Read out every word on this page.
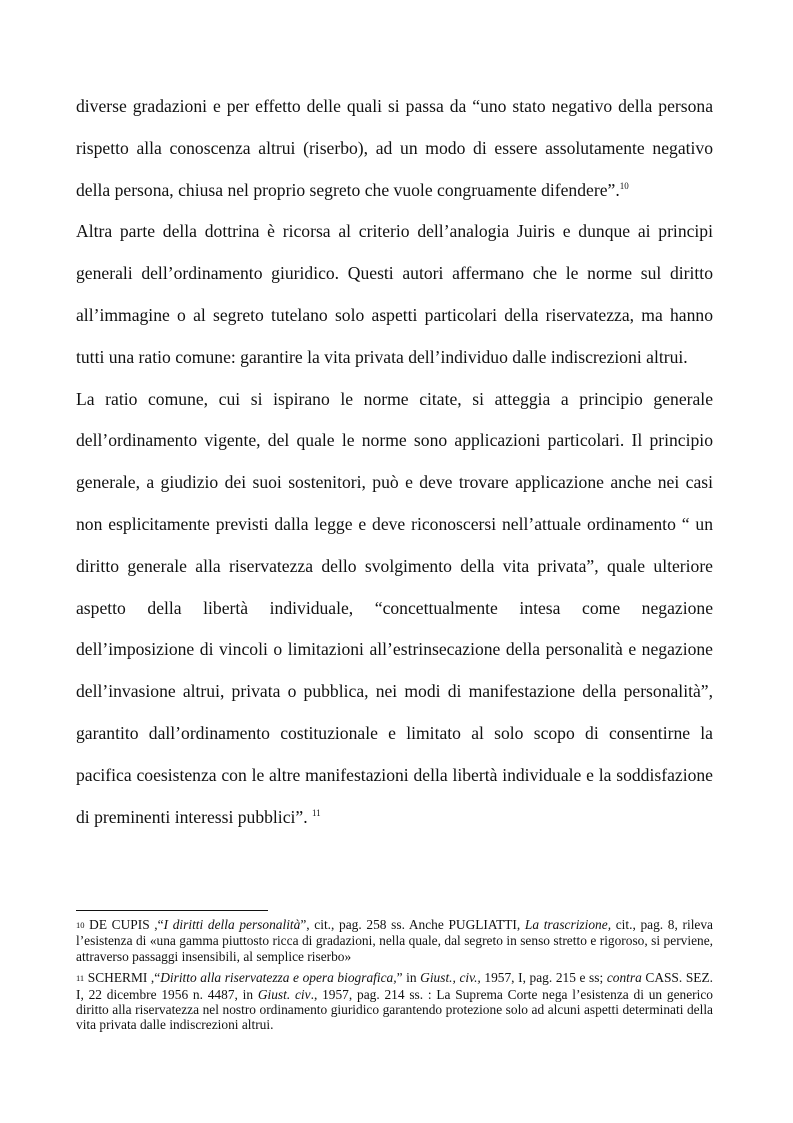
diverse gradazioni e per effetto delle quali si passa da “uno stato negativo della persona rispetto alla conoscenza altrui (riserbo), ad un modo di essere assolutamente negativo della persona, chiusa nel proprio segreto che vuole congruamente difendere”.$^{10}$

Altra parte della dottrina è ricorsa al criterio dell’analogia Juiris e dunque ai principi generali dell’ordinamento giuridico. Questi autori affermano che le norme sul diritto all’immagine o al segreto tutelano solo aspetti particolari della riservatezza, ma hanno tutti una ratio comune: garantire la vita privata dell’individuo dalle indiscrezioni altrui.

La ratio comune, cui si ispirano le norme citate, si atteggia a principio generale dell’ordinamento vigente, del quale le norme sono applicazioni particolari. Il principio generale, a giudizio dei suoi sostenitori, può e deve trovare applicazione anche nei casi non esplicitamente previsti dalla legge e deve riconoscersi nell’attuale ordinamento “ un diritto generale alla riservatezza dello svolgimento della vita privata”, quale ulteriore aspetto della libertà individuale, “concettualmente intesa come negazione dell’imposizione di vincoli o limitazioni all’estrinsecazione della personalità e negazione dell’invasione altrui, privata o pubblica, nei modi di manifestazione della personalità”, garantito dall’ordinamento costituzionale e limitato al solo scopo di consentirne la pacifica coesistenza con le altre manifestazioni della libertà individuale e la soddisfazione di preminenti interessi pubblici”. $^{11}$

10 DE CUPIS ,“I diritti della personalità”, cit., pag. 258 ss. Anche PUGLIATTI, La trascrizione, cit., pag. 8, rileva l’esistenza di «una gamma piuttosto ricca di gradazioni, nella quale, dal segreto in senso stretto e rigoroso, si perviene, attraverso passaggi insensibili, al semplice riserbo»

11 SCHERMI ,“Diritto alla riservatezza e opera biografica,” in Giust., civ., 1957, I, pag. 215 e ss; contra CASS. SEZ. I, 22 dicembre 1956 n. 4487, in Giust. civ., 1957, pag. 214 ss. : La Suprema Corte nega l’esistenza di un generico diritto alla riservatezza nel nostro ordinamento giuridico garantendo protezione solo ad alcuni aspetti determinati della vita privata dalle indiscrezioni altrui.
